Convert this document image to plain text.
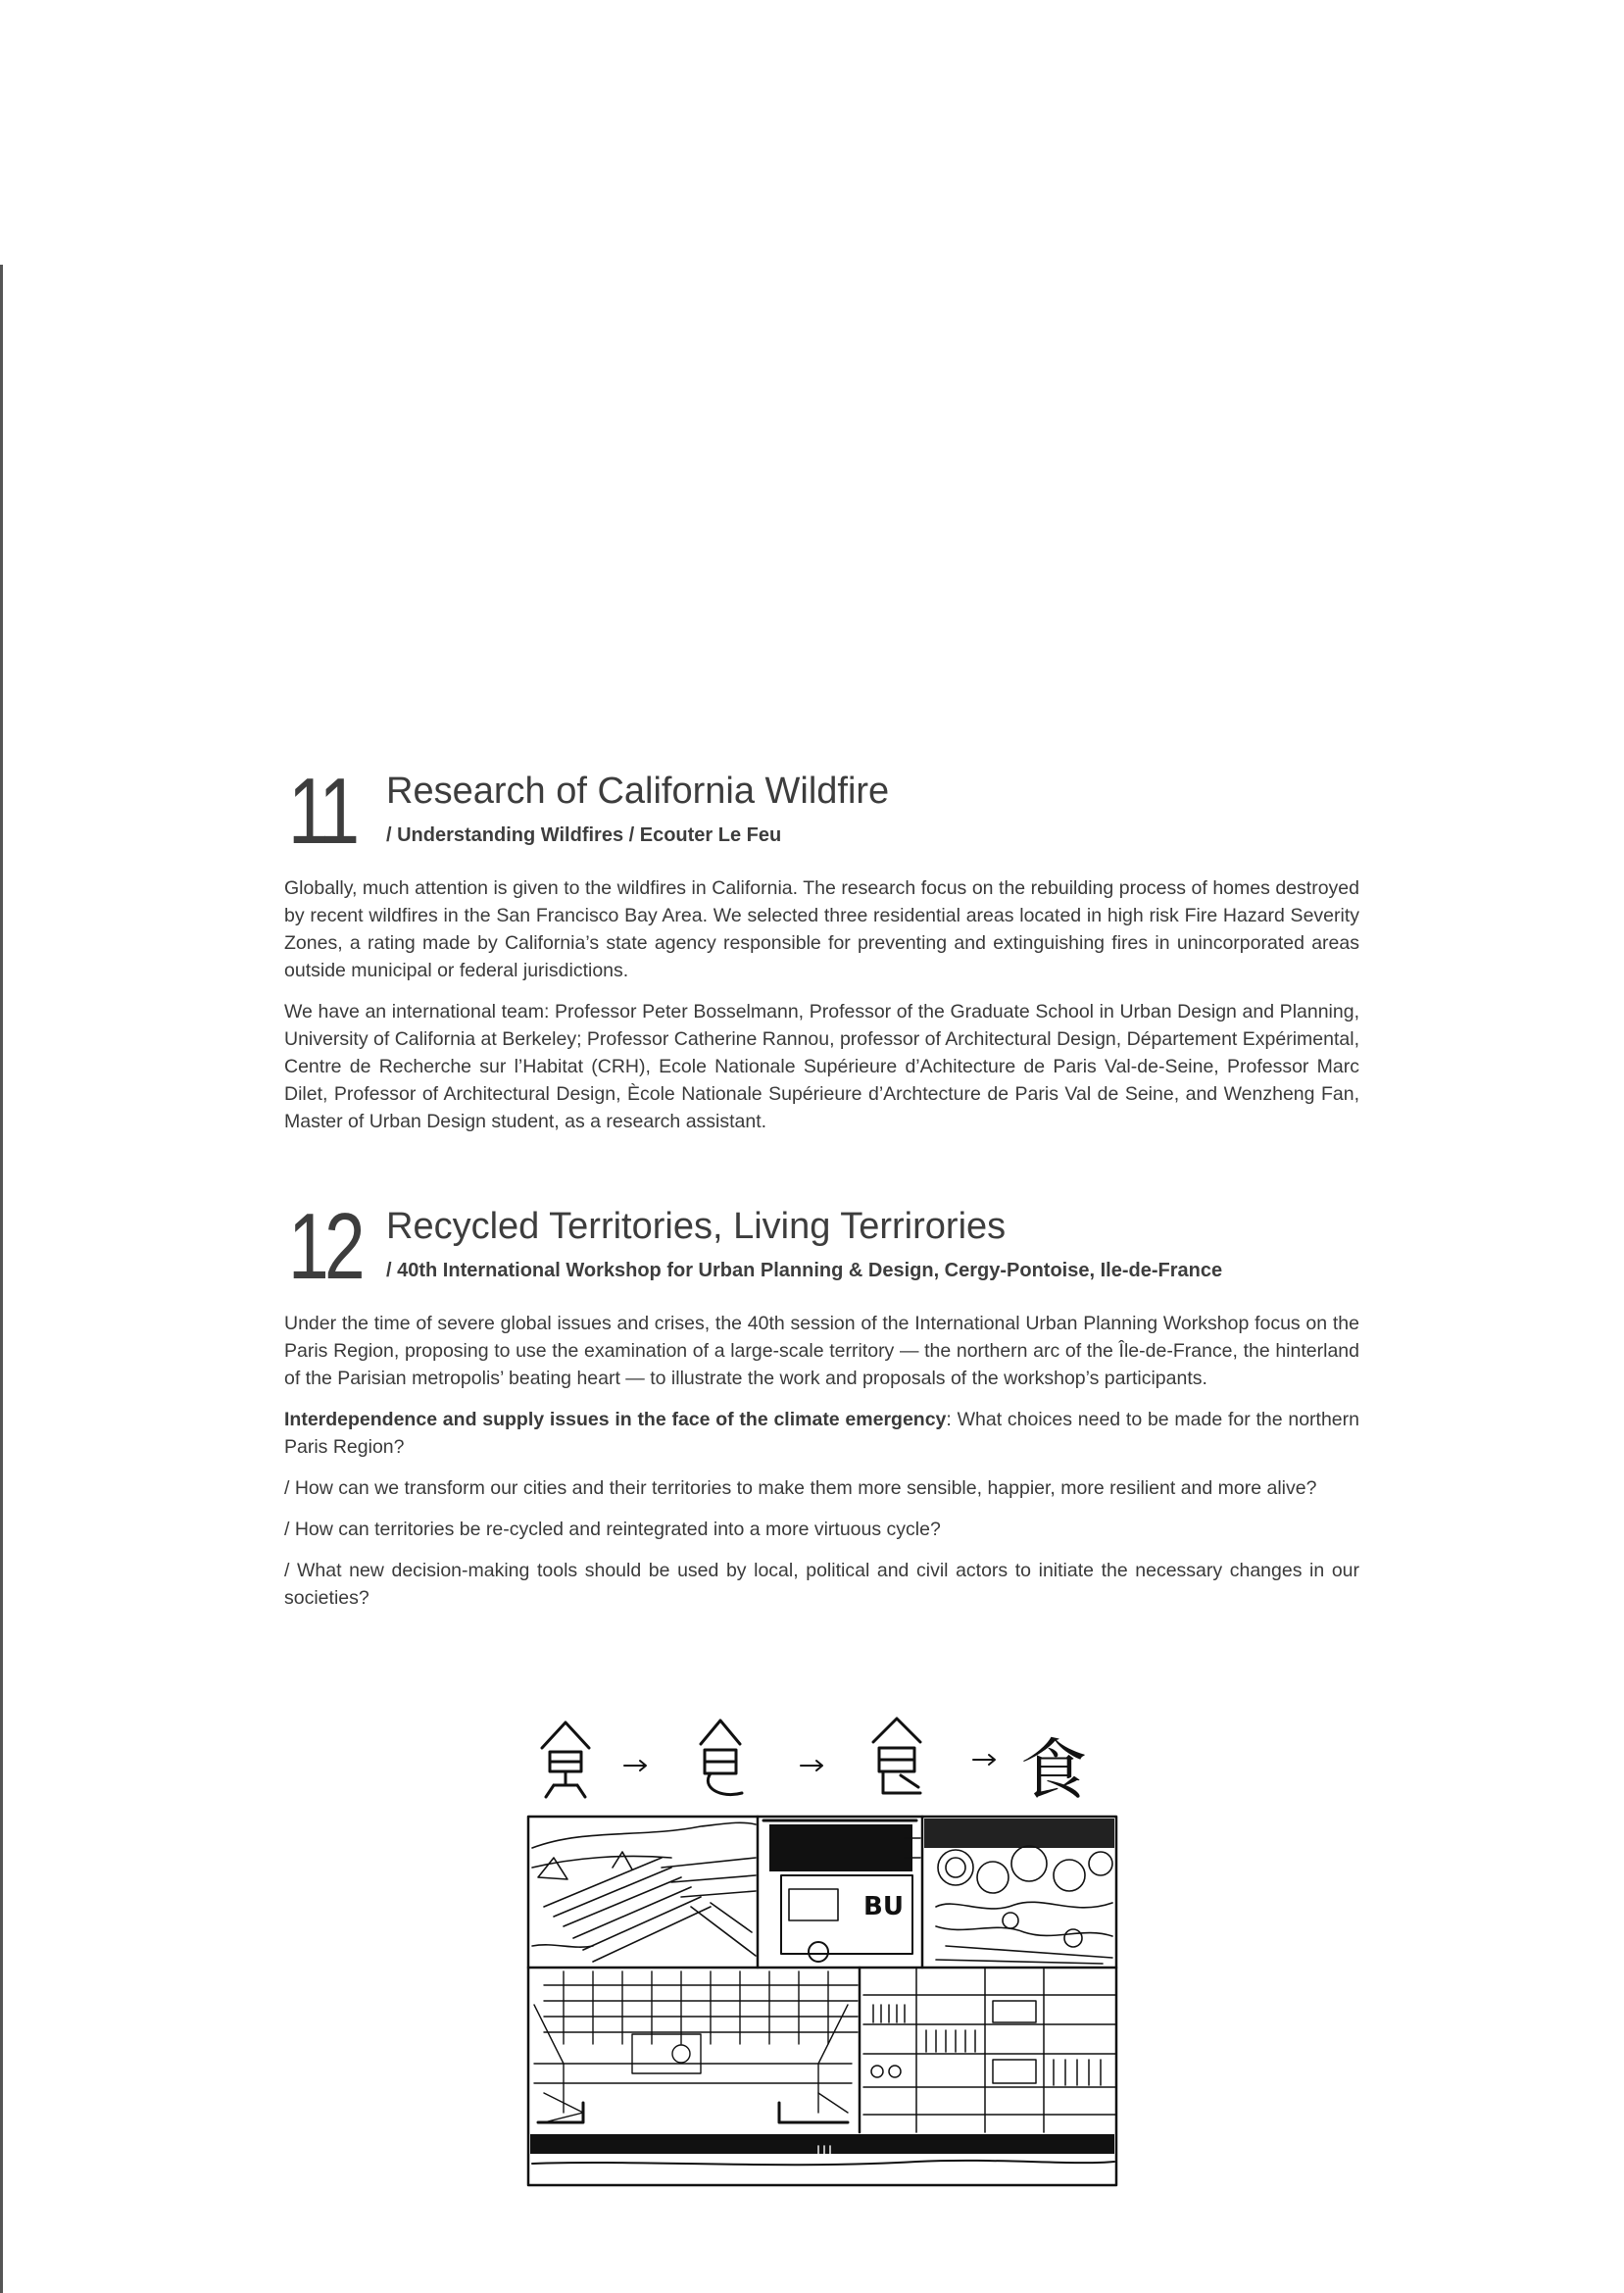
11 Research of California Wildfire
/ Understanding Wildfires / Ecouter Le Feu

Globally, much attention is given to the wildfires in California. The research focus on the rebuilding process of homes destroyed by recent wildfires in the San Francisco Bay Area. We selected three residential areas located in high risk Fire Hazard Severity Zones, a rating made by California’s state agency responsible for preventing and extinguishing fires in unincorporated areas outside municipal or federal jurisdictions.

We have an international team: Professor Peter Bosselmann, Professor of the Graduate School in Urban Design and Planning, University of California at Berkeley; Professor Catherine Rannou, professor of Architectural Design, Département Expérimental, Centre de Recherche sur l’Habitat (CRH), Ecole Nationale Supérieure d’Achitecture de Paris Val-de-Seine, Professor Marc Dilet, Professor of Architectural Design, Ècole Nationale Supérieure d’Archtecture de Paris Val de Seine, and Wenzheng Fan, Master of Urban Design student, as a research assistant.

12 Recycled Territories, Living Terrirories
/ 40th International Workshop for Urban Planning & Design, Cergy-Pontoise, Ile-de-France

Under the time of severe global issues and crises, the 40th session of the International Urban Planning Workshop focus on the Paris Region, proposing to use the examination of a large-scale territory — the northern arc of the Île-de-France, the hinterland of the Parisian metropolis’ beating heart — to illustrate the work and proposals of the workshop’s participants.

Interdependence and supply issues in the face of the climate emergency: What choices need to be made for the northern Paris Region?

/ How can we transform our cities and their territories to make them more sensible, happier, more resilient and more alive?

/ How can territories be re-cycled and reintegrated into a more virtuous cycle?

/ What new decision-making tools should be used by local, political and civil actors to initiate the necessary changes in our societies?

食
BU
